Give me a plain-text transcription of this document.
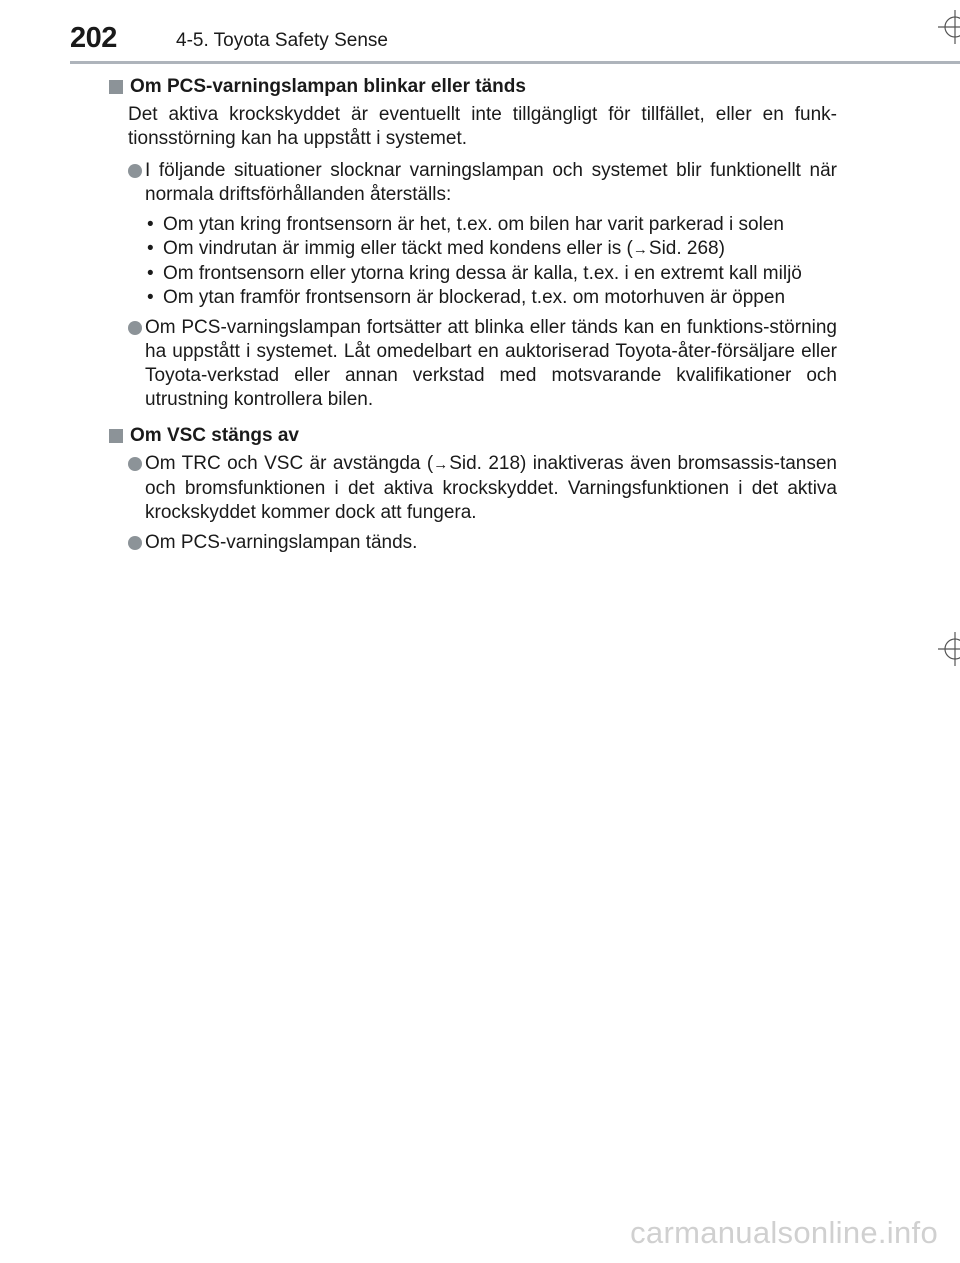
202	4-5. Toyota Safety Sense
Om PCS-varningslampan blinkar eller tänds

Det aktiva krockskyddet är eventuellt inte tillgängligt för tillfället, eller en funk-tionsstörning kan ha uppstått i systemet.

I följande situationer slocknar varningslampan och systemet blir funktionellt när normala driftsförhållanden återställs:
• Om ytan kring frontsensorn är het, t.ex. om bilen har varit parkerad i solen
• Om vindrutan är immig eller täckt med kondens eller is (→Sid. 268)
• Om frontsensorn eller ytorna kring dessa är kalla, t.ex. i en extremt kall miljö
• Om ytan framför frontsensorn är blockerad, t.ex. om motorhuven är öppen
Om PCS-varningslampan fortsätter att blinka eller tänds kan en funktions-störning ha uppstått i systemet. Låt omedelbart en auktoriserad Toyota-åter-försäljare eller Toyota-verkstad eller annan verkstad med motsvarande kvalifikationer och utrustning kontrollera bilen.
Om VSC stängs av
Om TRC och VSC är avstängda (→Sid. 218) inaktiveras även bromsassis-tansen och bromsfunktionen i det aktiva krockskyddet. Varningsfunktionen i det aktiva krockskyddet kommer dock att fungera.
Om PCS-varningslampan tänds.
carmanualsonline.info
